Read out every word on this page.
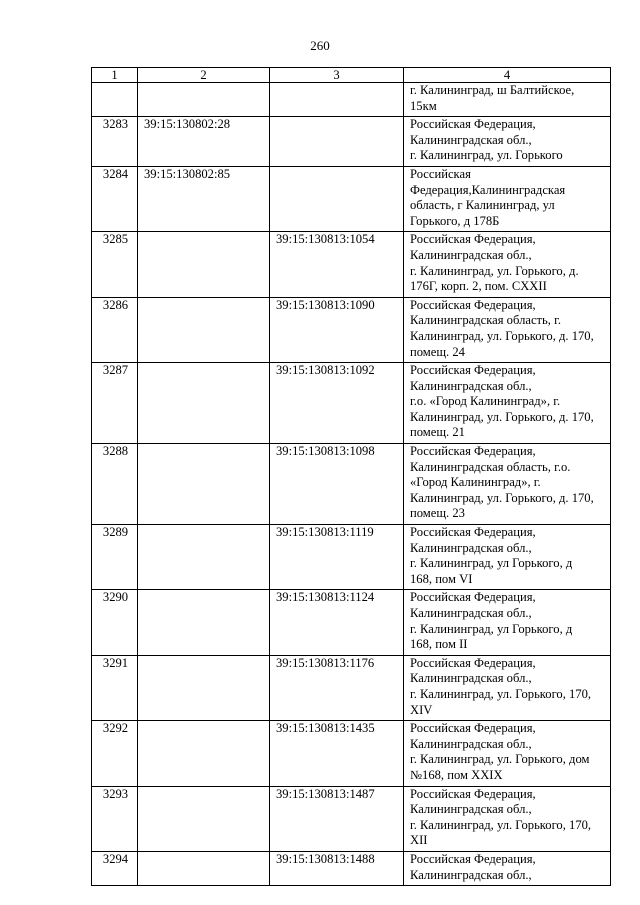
260
1	2	3	4

			г. Калининград, ш Балтийское,
15км

3283	39:15:130802:28		Российская Федерация,
Калининградская обл.,
г. Калининград, ул. Горького

3284	39:15:130802:85		Российская
Федерация,Калининградская
область, г Калининград, ул
Горького, д 178Б

3285		39:15:130813:1054	Российская Федерация,
Калининградская обл.,
г. Калининград, ул. Горького, д.
176Г, корп. 2, пом. CXXII

3286		39:15:130813:1090	Российская Федерация,
Калининградская область, г.
Калининград, ул. Горького, д. 170,
помещ. 24

3287		39:15:130813:1092	Российская Федерация,
Калининградская обл.,
г.о. «Город Калининград», г.
Калининград, ул. Горького, д. 170,
помещ. 21

3288		39:15:130813:1098	Российская Федерация,
Калининградская область, г.о.
«Город Калининград», г.
Калининград, ул. Горького, д. 170,
помещ. 23

3289		39:15:130813:1119	Российская Федерация,
Калининградская обл.,
г. Калининград, ул Горького, д
168, пом VI

3290		39:15:130813:1124	Российская Федерация,
Калининградская обл.,
г. Калининград, ул Горького, д
168, пом II

3291		39:15:130813:1176	Российская Федерация,
Калининградская обл.,
г. Калининград, ул. Горького, 170,
XIV

3292		39:15:130813:1435	Российская Федерация,
Калининградская обл.,
г. Калининград, ул. Горького, дом
№168, пом XXIX

3293		39:15:130813:1487	Российская Федерация,
Калининградская обл.,
г. Калининград, ул. Горького, 170,
XII

3294		39:15:130813:1488	Российская Федерация,
Калининградская обл.,
